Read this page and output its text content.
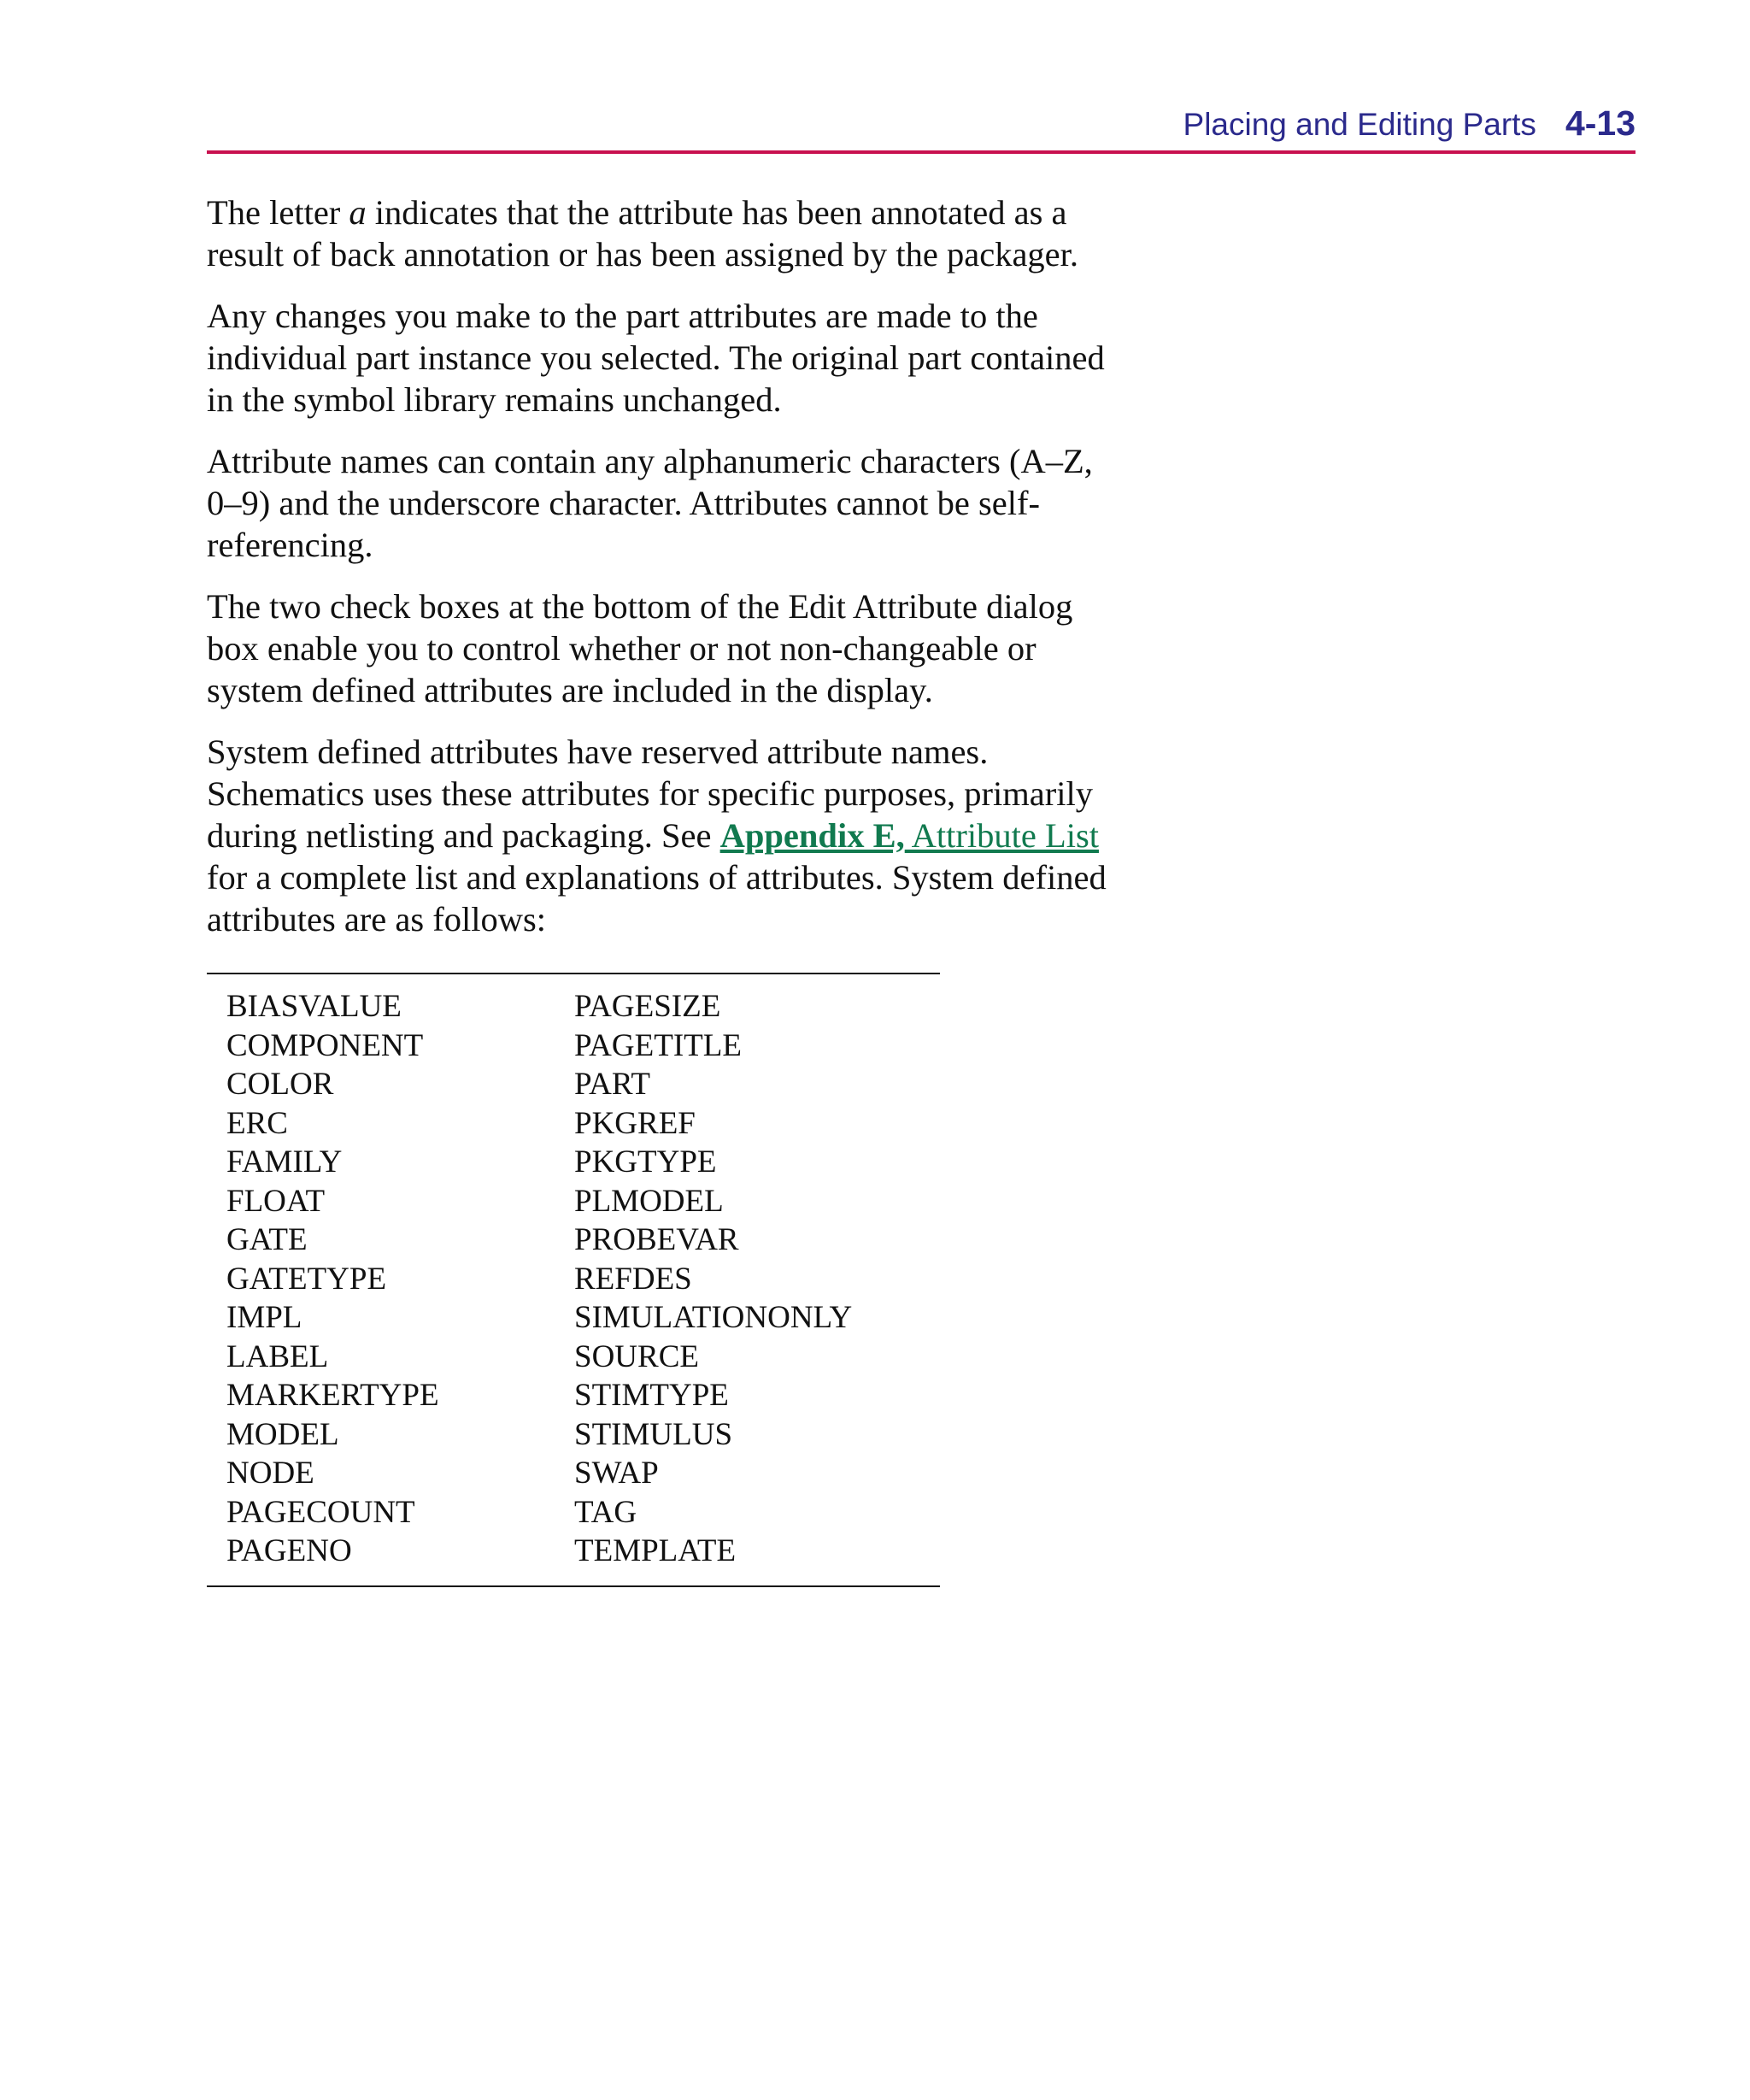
Placing and Editing Parts 4-13

The letter a indicates that the attribute has been annotated as a result of back annotation or has been assigned by the packager.

Any changes you make to the part attributes are made to the individual part instance you selected. The original part contained in the symbol library remains unchanged.

Attribute names can contain any alphanumeric characters (A–Z, 0–9) and the underscore character. Attributes cannot be self-referencing.

The two check boxes at the bottom of the Edit Attribute dialog box enable you to control whether or not non-changeable or system defined attributes are included in the display.

System defined attributes have reserved attribute names. Schematics uses these attributes for specific purposes, primarily during netlisting and packaging. See Appendix E, Attribute List for a complete list and explanations of attributes. System defined attributes are as follows:

BIASVALUE	PAGESIZE
COMPONENT	PAGETITLE
COLOR	PART
ERC	PKGREF
FAMILY	PKGTYPE
FLOAT	PLMODEL
GATE	PROBEVAR
GATETYPE	REFDES
IMPL	SIMULATIONONLY
LABEL	SOURCE
MARKERTYPE	STIMTYPE
MODEL	STIMULUS
NODE	SWAP
PAGECOUNT	TAG
PAGENO	TEMPLATE
